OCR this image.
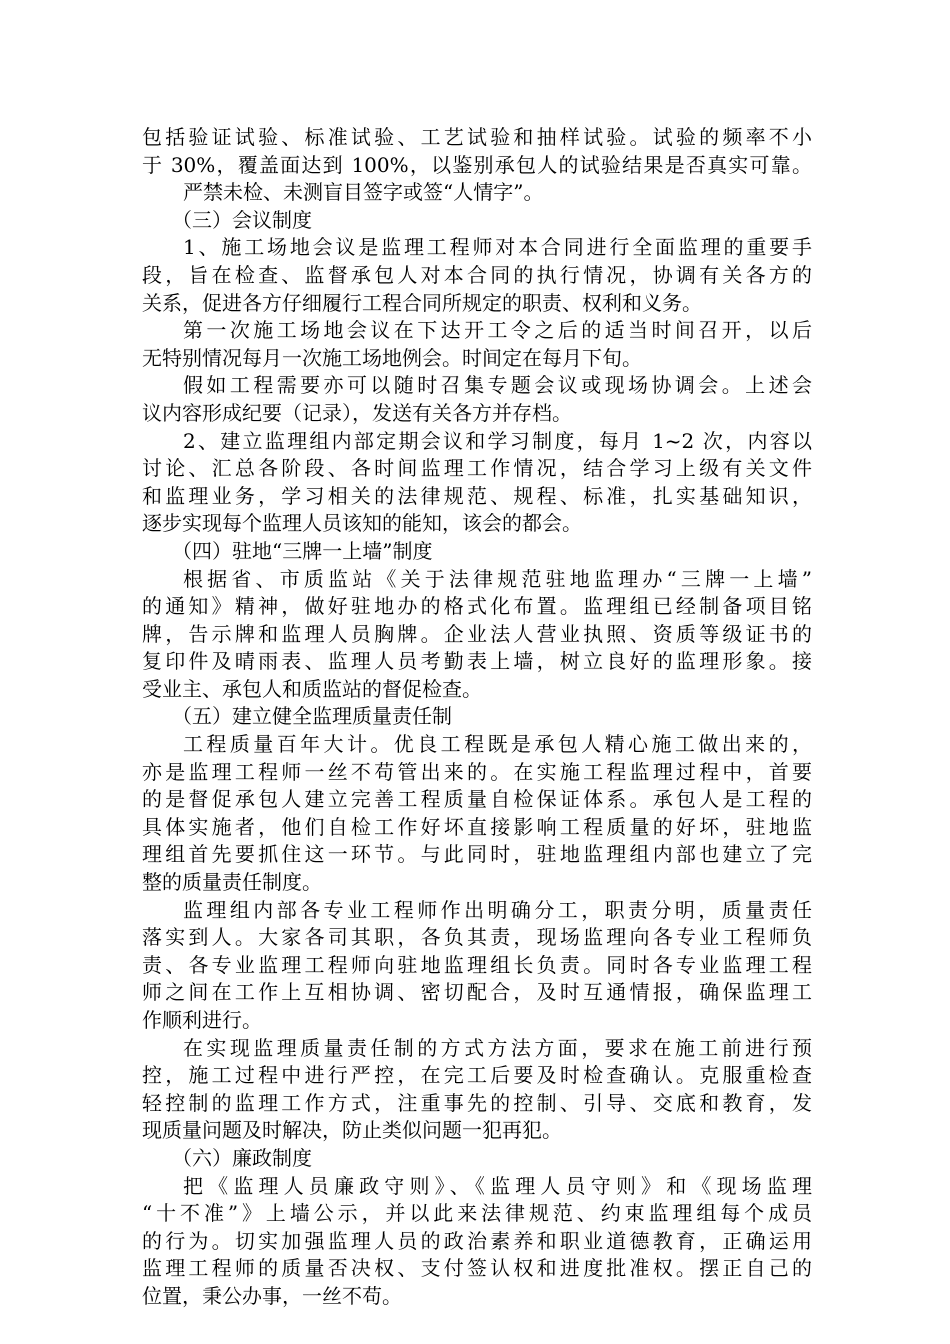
包括验证试验、标准试验、工艺试验和抽样试验。试验的频率不小
于 30%，覆盖面达到 100%，以鉴别承包人的试验结果是否真实可靠。
严禁未检、未测盲目签字或签“人情字”。
（三）会议制度
1、施工场地会议是监理工程师对本合同进行全面监理的重要手
段，旨在检查、监督承包人对本合同的执行情况，协调有关各方的
关系，促进各方仔细履行工程合同所规定的职责、权利和义务。
第一次施工场地会议在下达开工令之后的适当时间召开，以后
无特别情况每月一次施工场地例会。时间定在每月下旬。
假如工程需要亦可以随时召集专题会议或现场协调会。上述会
议内容形成纪要（记录），发送有关各方并存档。
2、建立监理组内部定期会议和学习制度，每月 1~2 次，内容以
讨论、汇总各阶段、各时间监理工作情况，结合学习上级有关文件
和监理业务，学习相关的法律规范、规程、标准，扎实基础知识，
逐步实现每个监理人员该知的能知，该会的都会。
（四）驻地“三牌一上墙”制度
根据省、市质监站《关于法律规范驻地监理办“三牌一上墙”
的通知》精神，做好驻地办的格式化布置。监理组已经制备项目铭
牌，告示牌和监理人员胸牌。企业法人营业执照、资质等级证书的
复印件及晴雨表、监理人员考勤表上墙，树立良好的监理形象。接
受业主、承包人和质监站的督促检查。
（五）建立健全监理质量责任制
工程质量百年大计。优良工程既是承包人精心施工做出来的，
亦是监理工程师一丝不苟管出来的。在实施工程监理过程中，首要
的是督促承包人建立完善工程质量自检保证体系。承包人是工程的
具体实施者，他们自检工作好坏直接影响工程质量的好坏，驻地监
理组首先要抓住这一环节。与此同时，驻地监理组内部也建立了完
整的质量责任制度。
监理组内部各专业工程师作出明确分工，职责分明，质量责任
落实到人。大家各司其职，各负其责，现场监理向各专业工程师负
责、各专业监理工程师向驻地监理组长负责。同时各专业监理工程
师之间在工作上互相协调、密切配合，及时互通情报，确保监理工
作顺利进行。
在实现监理质量责任制的方式方法方面，要求在施工前进行预
控，施工过程中进行严控，在完工后要及时检查确认。克服重检查
轻控制的监理工作方式，注重事先的控制、引导、交底和教育，发
现质量问题及时解决，防止类似问题一犯再犯。
（六）廉政制度
把《监理人员廉政守则》、《监理人员守则》和《现场监理
“十不准”》上墙公示，并以此来法律规范、约束监理组每个成员
的行为。切实加强监理人员的政治素养和职业道德教育，正确运用
监理工程师的质量否决权、支付签认权和进度批准权。摆正自己的
位置，秉公办事，一丝不苟。
